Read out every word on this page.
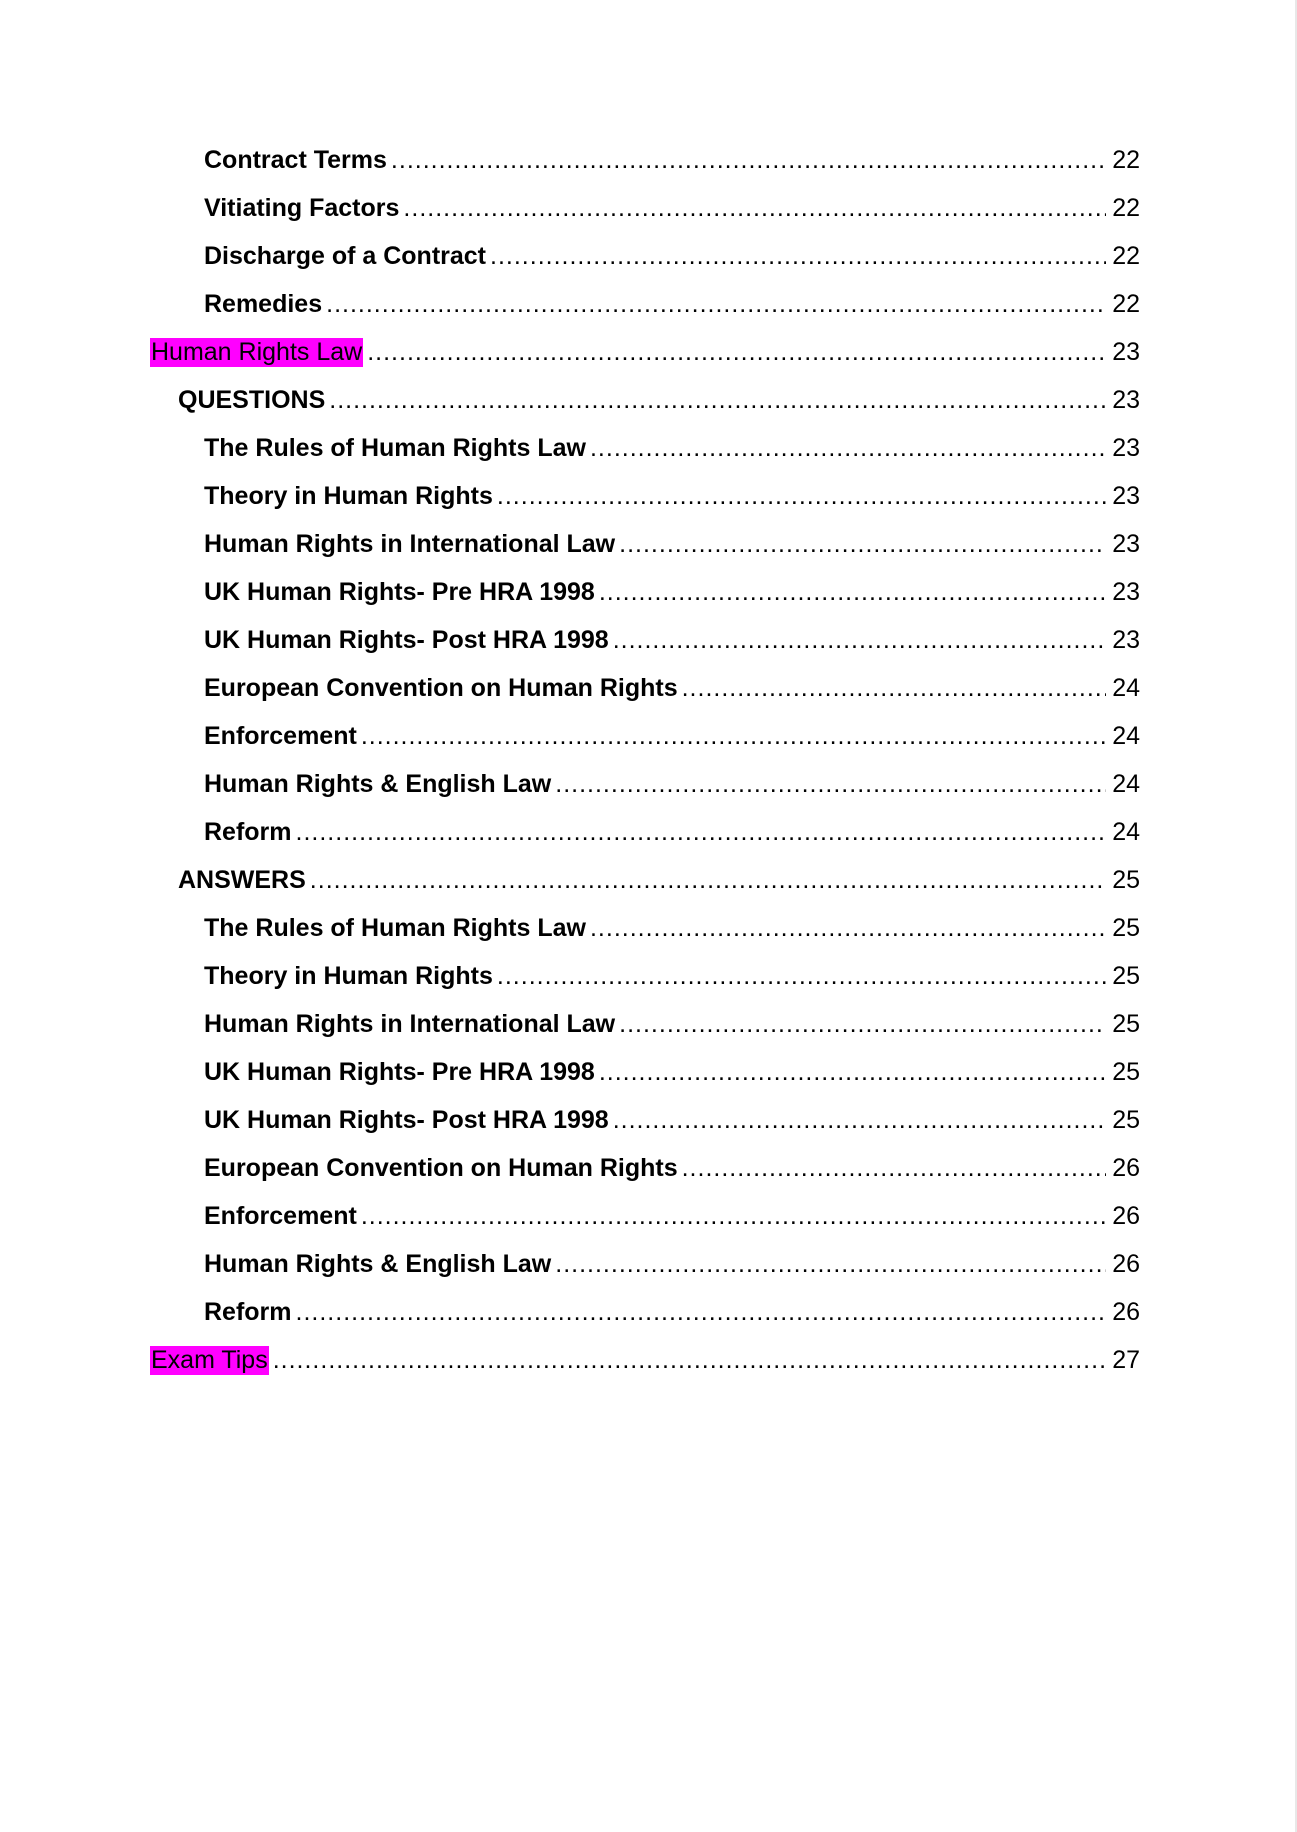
Contract Terms .....	22
Vitiating Factors .....	22
Discharge of a Contract .....	22
Remedies .....	22
Human Rights Law .....	23
QUESTIONS .....	23
The Rules of Human Rights Law .....	23
Theory in Human Rights .....	23
Human Rights in International Law .....	23
UK Human Rights- Pre HRA 1998 .....	23
UK Human Rights- Post HRA 1998 .....	23
European Convention on Human Rights .....	24
Enforcement .....	24
Human Rights & English Law .....	24
Reform .....	24
ANSWERS .....	25
The Rules of Human Rights Law .....	25
Theory in Human Rights .....	25
Human Rights in International Law .....	25
UK Human Rights- Pre HRA 1998 .....	25
UK Human Rights- Post HRA 1998 .....	25
European Convention on Human Rights .....	26
Enforcement .....	26
Human Rights & English Law .....	26
Reform .....	26
Exam Tips .....	27
